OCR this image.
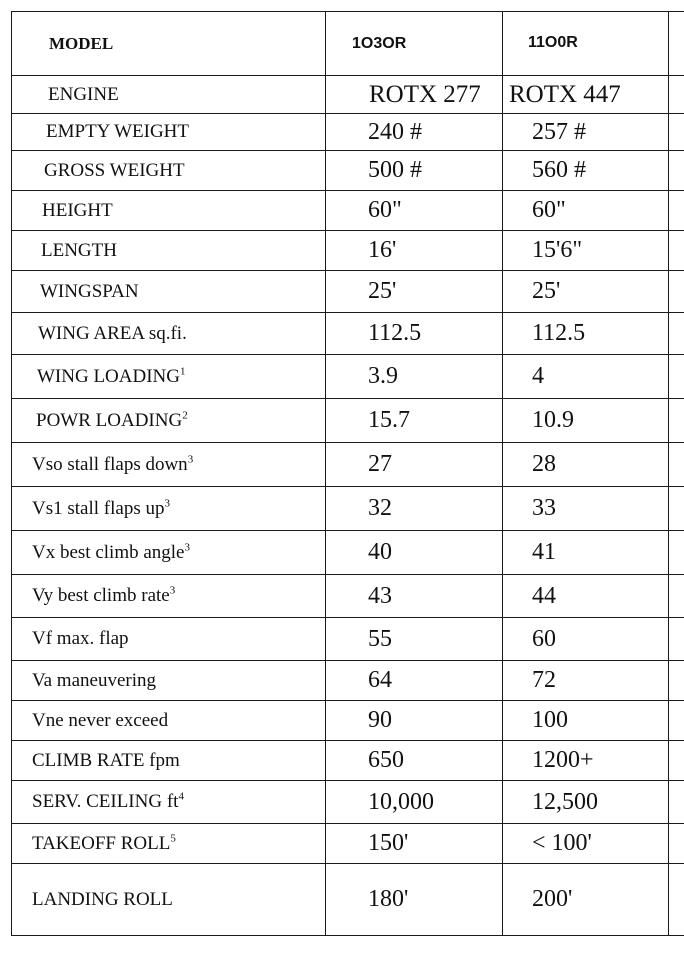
MODEL	1O3OR	11O0R	
ENGINE	ROTX 277	ROTX 447	
EMPTY WEIGHT	240 #	257 #	
GROSS WEIGHT	500 #	560 #	
HEIGHT	60"	60"	
LENGTH	16'	15'6"	
WINGSPAN	25'	25'	
WING AREA sq.fi.	112.5	112.5	
WING LOADING$^1$	3.9	4	
POWR LOADING$^2$	15.7	10.9	
Vso stall flaps down$^3$	27	28	
Vs1 stall flaps up$^3$	32	33	
Vx best climb angle$^3$	40	41	
Vy best climb rate$^3$	43	44	
Vf max. flap	55	60	
Va maneuvering	64	72	
Vne never exceed	90	100	
CLIMB RATE fpm	650	1200+	
SERV. CEILING ft$^4$	10,000	12,500	
TAKEOFF ROLL$^5$	150'	< 100'	
LANDING ROLL	180'	200'	
